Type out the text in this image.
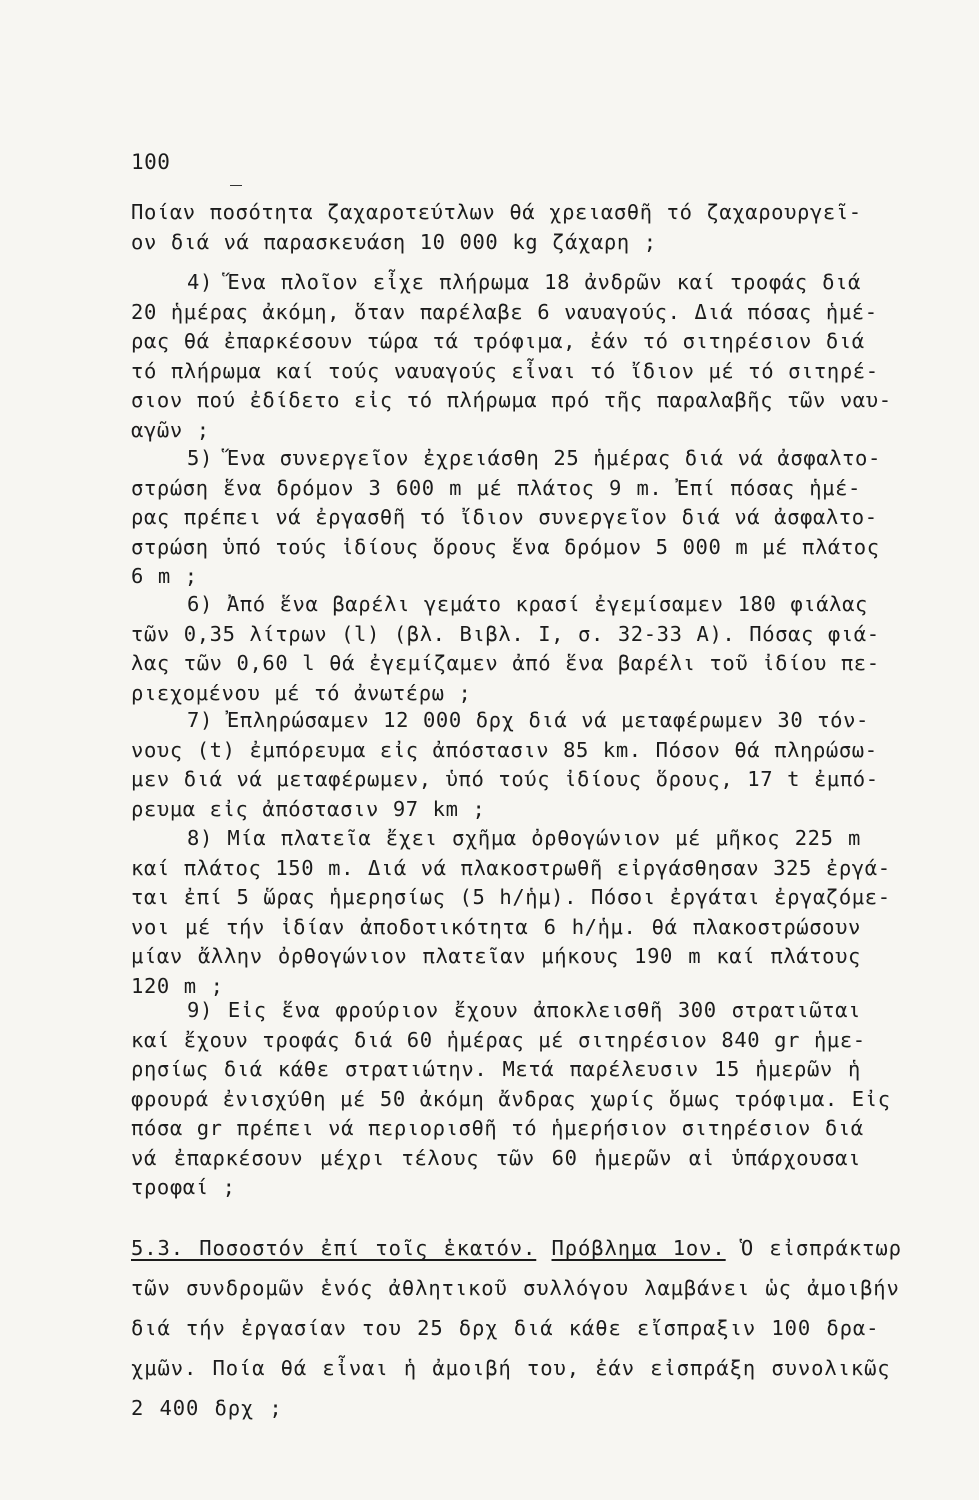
100
Ποίαν ποσότητα ζαχαροτεύτλων θά χρειασθῆ τό ζαχαρουργεῖ-
ον διά νά παρασκευάση 10 000 kg ζάχαρη ;
4) Ἕνα πλοῖον εἶχε πλήρωμα 18 ἀνδρῶν καί τροφάς διά
20 ἡμέρας ἀκόμη, ὅταν παρέλαβε 6 ναυαγούς. Διά πόσας ἡμέ-
ρας θά ἐπαρκέσουν τώρα τά τρόφιμα, ἐάν τό σιτηρέσιον διά
τό πλήρωμα καί τούς ναυαγούς εἶναι τό ἴδιον μέ τό σιτηρέ-
σιον πού ἐδίδετο εἰς τό πλήρωμα πρό τῆς παραλαβῆς τῶν ναυ-
αγῶν ;
5) Ἕνα συνεργεῖον ἐχρειάσθη 25 ἡμέρας διά νά ἀσφαλτο-
στρώση ἕνα δρόμον 3 600 m μέ πλάτος 9 m. Ἐπί πόσας ἡμέ-
ρας πρέπει νά ἐργασθῆ τό ἴδιον συνεργεῖον διά νά ἀσφαλτο-
στρώση ὑπό τούς ἰδίους ὅρους ἕνα δρόμον 5 000 m μέ πλάτος
6 m ;
6) Ἀπό ἕνα βαρέλι γεμάτο κρασί ἐγεμίσαμεν 180 φιάλας
τῶν 0,35 λίτρων (l) (βλ. Βιβλ. I, σ. 32-33 A). Πόσας φιά-
λας τῶν 0,60 l θά ἐγεμίζαμεν ἀπό ἕνα βαρέλι τοῦ ἰδίου πε-
ριεχομένου μέ τό ἀνωτέρω ;
7) Ἐπληρώσαμεν 12 000 δρχ διά νά μεταφέρωμεν 30 τόν-
νους (t) ἐμπόρευμα εἰς ἀπόστασιν 85 km. Πόσον θά πληρώσω-
μεν διά νά μεταφέρωμεν, ὑπό τούς ἰδίους ὅρους, 17 t ἐμπό-
ρευμα εἰς ἀπόστασιν 97 km ;
8) Μία πλατεῖα ἔχει σχῆμα ὀρθογώνιον μέ μῆκος 225 m
καί πλάτος 150 m. Διά νά πλακοστρωθῆ εἰργάσθησαν 325 ἐργά-
ται ἐπί 5 ὥρας ἡμερησίως (5 h/ἡμ). Πόσοι ἐργάται ἐργαζόμε-
νοι μέ τήν ἰδίαν ἀποδοτικότητα 6 h/ἡμ. θά πλακοστρώσουν
μίαν ἄλλην ὀρθογώνιον πλατεῖαν μήκους 190 m καί πλάτους
120 m ;
9) Εἰς ἕνα φρούριον ἔχουν ἀποκλεισθῆ 300 στρατιῶται
καί ἔχουν τροφάς διά 60 ἡμέρας μέ σιτηρέσιον 840 gr ἡμε-
ρησίως διά κάθε στρατιώτην. Μετά παρέλευσιν 15 ἡμερῶν ἡ
φρουρά ἐνισχύθη μέ 50 ἀκόμη ἄνδρας χωρίς ὅμως τρόφιμα. Εἰς
πόσα gr πρέπει νά περιορισθῆ τό ἡμερήσιον σιτηρέσιον διά
νά ἐπαρκέσουν μέχρι τέλους τῶν 60 ἡμερῶν αἱ ὑπάρχουσαι
τροφαί ;
5.3. Ποσοστόν ἐπί τοῖς ἑκατόν. Πρόβλημα 1ον. Ὁ εἰσπράκτωρ
τῶν συνδρομῶν ἑνός ἀθλητικοῦ συλλόγου λαμβάνει ὡς ἀμοιβήν
διά τήν ἐργασίαν του 25 δρχ διά κάθε εἴσπραξιν 100 δρα-
χμῶν. Ποία θά εἶναι ἡ ἀμοιβή του, ἐάν εἰσπράξη συνολικῶς
2 400 δρχ ;
